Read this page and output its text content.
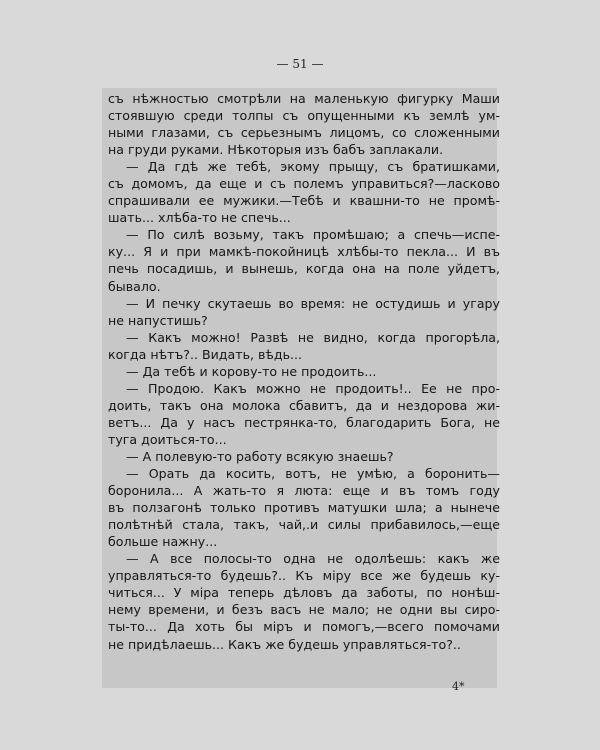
— 51 —
съ нѣжностью смотрѣли на маленькую фигурку Маши
стоявшую среди толпы съ опущенными къ землѣ ум-
ными глазами, съ серьезнымъ лицомъ, со сложенными
на груди руками. Нѣкоторыя изъ бабъ заплакали.
— Да гдѣ же тебѣ, экому прыщу, съ братишками,
съ домомъ, да еще и съ полемъ управиться?—ласково
спрашивали ее мужики.—Тебѣ и квашни-то не промѣ-
шать... хлѣба-то не спечь...
— По силѣ возьму, такъ промѣшаю; а спечь—испе-
ку... Я и при мамкѣ-покойницѣ хлѣбы-то пекла... И въ
печь посадишь, и вынешь, когда она на поле уйдетъ,
бывало.
— И печку скутаешь во время: не остудишь и угару
не напустишь?
— Какъ можно! Развѣ не видно, когда прогорѣла,
когда нѣтъ?.. Видать, вѣдь...
— Да тебѣ и корову-то не продоить...
— Продою. Какъ можно не продоить!.. Ее не про-
доить, такъ она молока сбавитъ, да и нездорова жи-
ветъ... Да у насъ пестрянка-то, благодарить Бога, не
туга доиться-то...
— А полевую-то работу всякую знаешь?
— Орать да косить, вотъ, не умѣю, а боронить—
боронила... А жать-то я люта: еще и въ томъ году
въ ползагонѣ только противъ матушки шла; а нынече
полѣтнѣй стала, такъ, чай,.и силы прибавилось,—еще
больше нажну...
— А все полосы-то одна не одолѣешь: какъ же
управляться-то будешь?.. Къ міру все же будешь ку-
читься... У міра теперь дѣловъ да заботы, по нонѣш-
нему времени, и безъ васъ не мало; не одни вы сиро-
ты-то... Да хоть бы міръ и помогъ,—всего помочами
не придѣлаешь... Какъ же будешь управляться-то?..
4*
